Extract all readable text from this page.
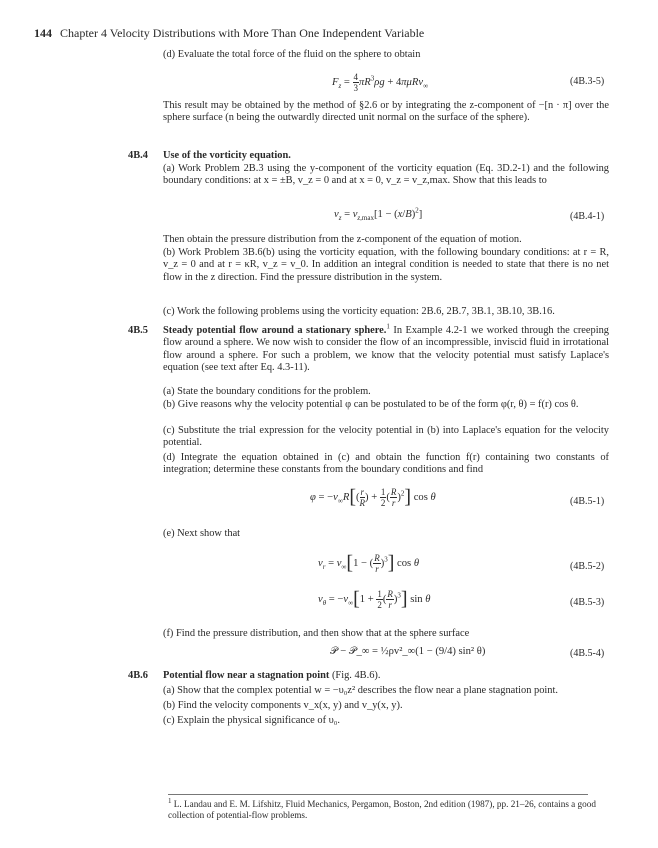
144 Chapter 4 Velocity Distributions with More Than One Independent Variable
(d) Evaluate the total force of the fluid on the sphere to obtain
$F_z = \frac{4}{3} \pi R^3\rho g + 4\pi\mu Rv_\infty$	(4B.3-5)
This result may be obtained by the method of §2.6 or by integrating the z-component of −[n · π] over the sphere surface (n being the outwardly directed unit normal on the surface of the sphere).
4B.4 Use of the vorticity equation.
(a) Work Problem 2B.3 using the y-component of the vorticity equation (Eq. 3D.2-1) and the following boundary conditions: at x = ±B, v_z = 0 and at x = 0, v_z = v_z,max. Show that this leads to
$v_z = v_{z,max}[1 - (x/B)^2]$	(4B.4-1)
Then obtain the pressure distribution from the z-component of the equation of motion.
(b) Work Problem 3B.6(b) using the vorticity equation, with the following boundary conditions: at r = R, v_z = 0 and at r = κR, v_z = v_0. In addition an integral condition is needed to state that there is no net flow in the z direction. Find the pressure distribution in the system.
(c) Work the following problems using the vorticity equation: 2B.6, 2B.7, 3B.1, 3B.10, 3B.16.
4B.5 Steady potential flow around a stationary sphere.$^1$ In Example 4.2-1 we worked through the creeping flow around a sphere. We now wish to consider the flow of an incompressible, inviscid fluid in irrotational flow around a sphere. For such a problem, we know that the velocity potential must satisfy Laplace's equation (see text after Eq. 4.3-11).
(a) State the boundary conditions for the problem.
(b) Give reasons why the velocity potential φ can be postulated to be of the form φ(r, θ) = f(r) cos θ.
(c) Substitute the trial expression for the velocity potential in (b) into Laplace's equation for the velocity potential.
(d) Integrate the equation obtained in (c) and obtain the function f(r) containing two constants of integration; determine these constants from the boundary conditions and find
$\varphi = -v_\infty R[( \frac{r}{R}$ ) + $\frac{1}{2}$ ( $\frac{R}{r} )^2$] cos θ	(4B.5-1)
(e) Next show that
$v_r = v_\infty[1$ − ( $\frac{R}{r} )^3$] cos θ	(4B.5-2)
$v_\theta = -v_\infty[1 + \frac{1}{2}$ ( $\frac{R}{r} )^3$] sin θ	(4B.5-3)
(f) Find the pressure distribution, and then show that at the sphere surface
𝒫 − 𝒫_∞ = ½ρv²_∞(1 − (9/4) sin² θ)	(4B.5-4)
4B.6 Potential flow near a stagnation point (Fig. 4B.6).
(a) Show that the complex potential w = −υ₀z² describes the flow near a plane stagnation point.
(b) Find the velocity components v_x(x, y) and v_y(x, y).
(c) Explain the physical significance of υ₀.
$^1$ L. Landau and E. M. Lifshitz, Fluid Mechanics, Pergamon, Boston, 2nd edition (1987), pp. 21–26, contains a good collection of potential-flow problems.
